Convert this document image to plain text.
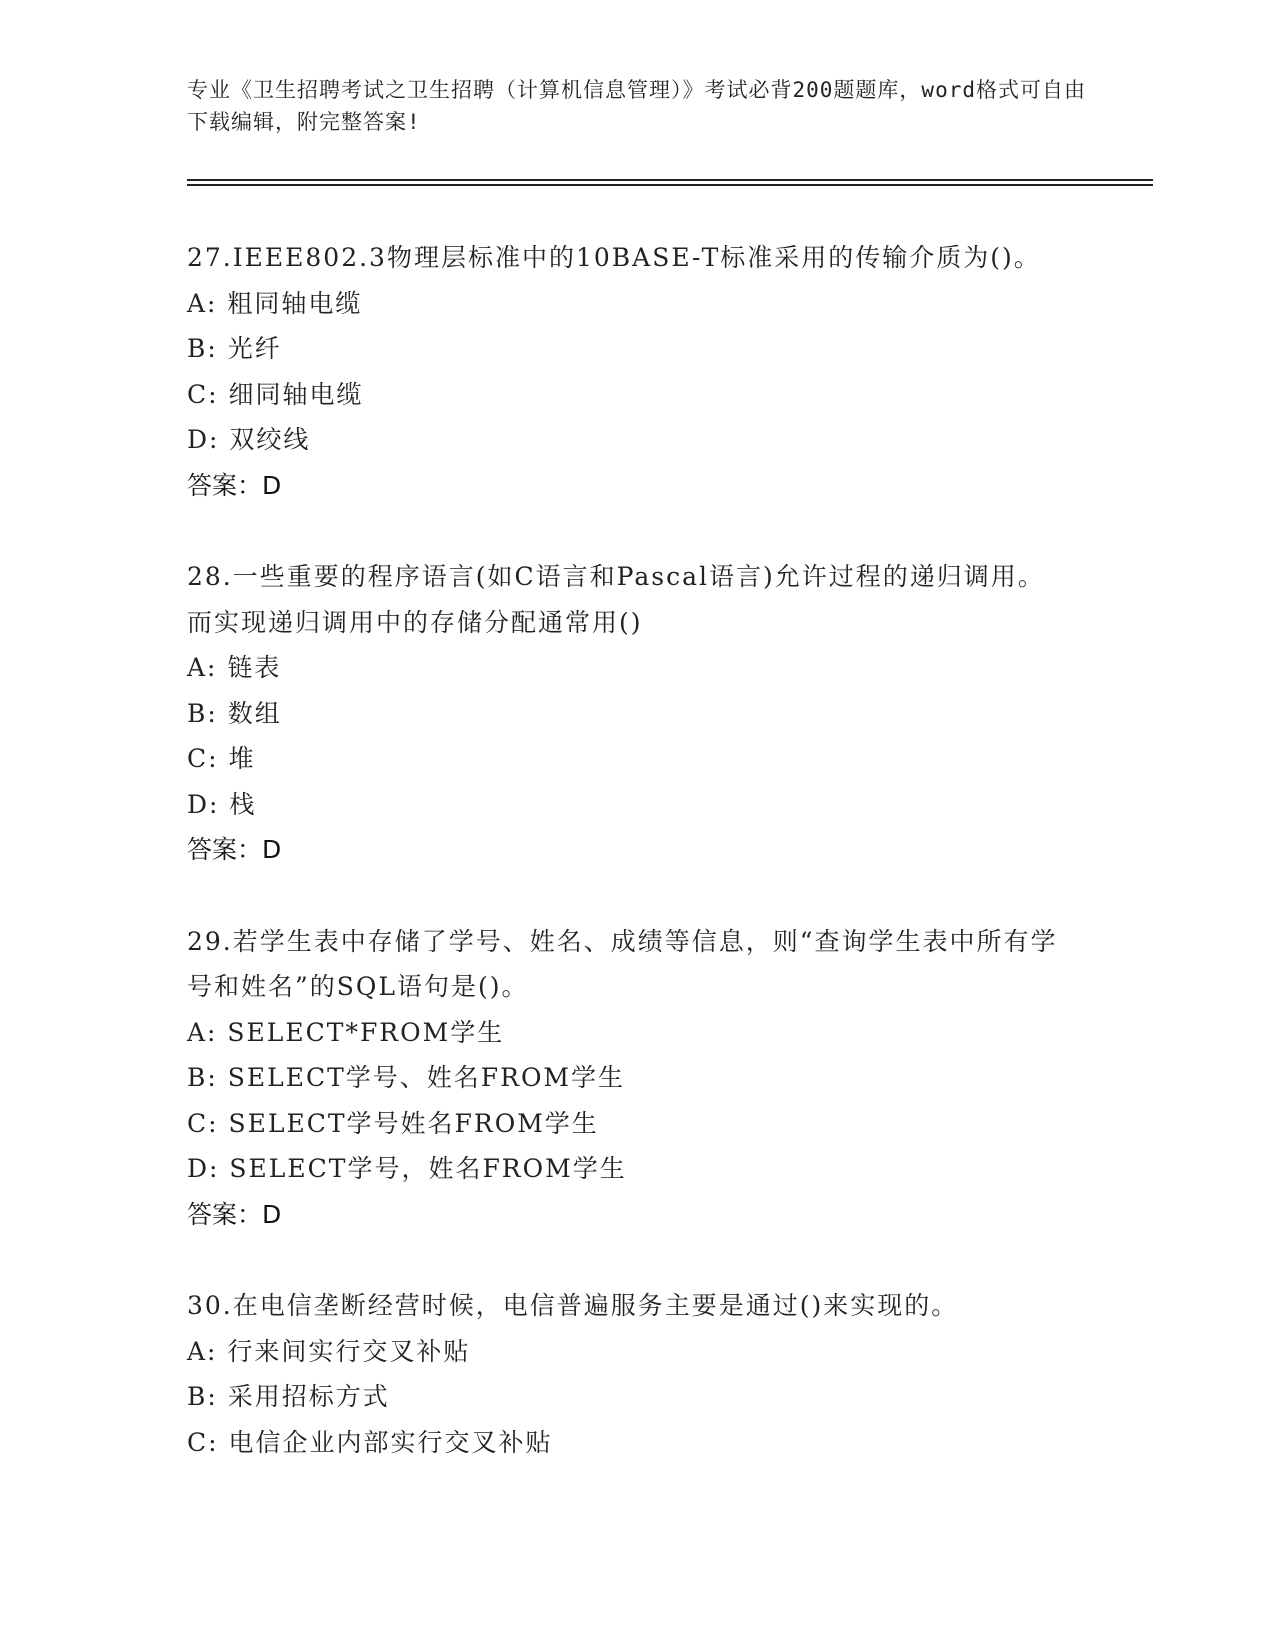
专业《卫生招聘考试之卫生招聘（计算机信息管理）》考试必背200题题库，word格式可自由下载编辑，附完整答案!

27.IEEE802.3物理层标准中的10BASE-T标准采用的传输介质为()。

A: 粗同轴电缆

B: 光纤

C: 细同轴电缆

D: 双绞线

答案：D

28.一些重要的程序语言(如C语言和Pascal语言)允许过程的递归调用。而实现递归调用中的存储分配通常用()

A: 链表

B: 数组

C: 堆

D: 栈

答案：D

29.若学生表中存储了学号、姓名、成绩等信息，则“查询学生表中所有学号和姓名”的SQL语句是()。

A: SELECT*FROM学生

B: SELECT学号、姓名FROM学生

C: SELECT学号姓名FROM学生

D: SELECT学号，姓名FROM学生

答案：D

30.在电信垄断经营时候，电信普遍服务主要是通过()来实现的。

A: 行来间实行交叉补贴

B: 采用招标方式

C: 电信企业内部实行交叉补贴
